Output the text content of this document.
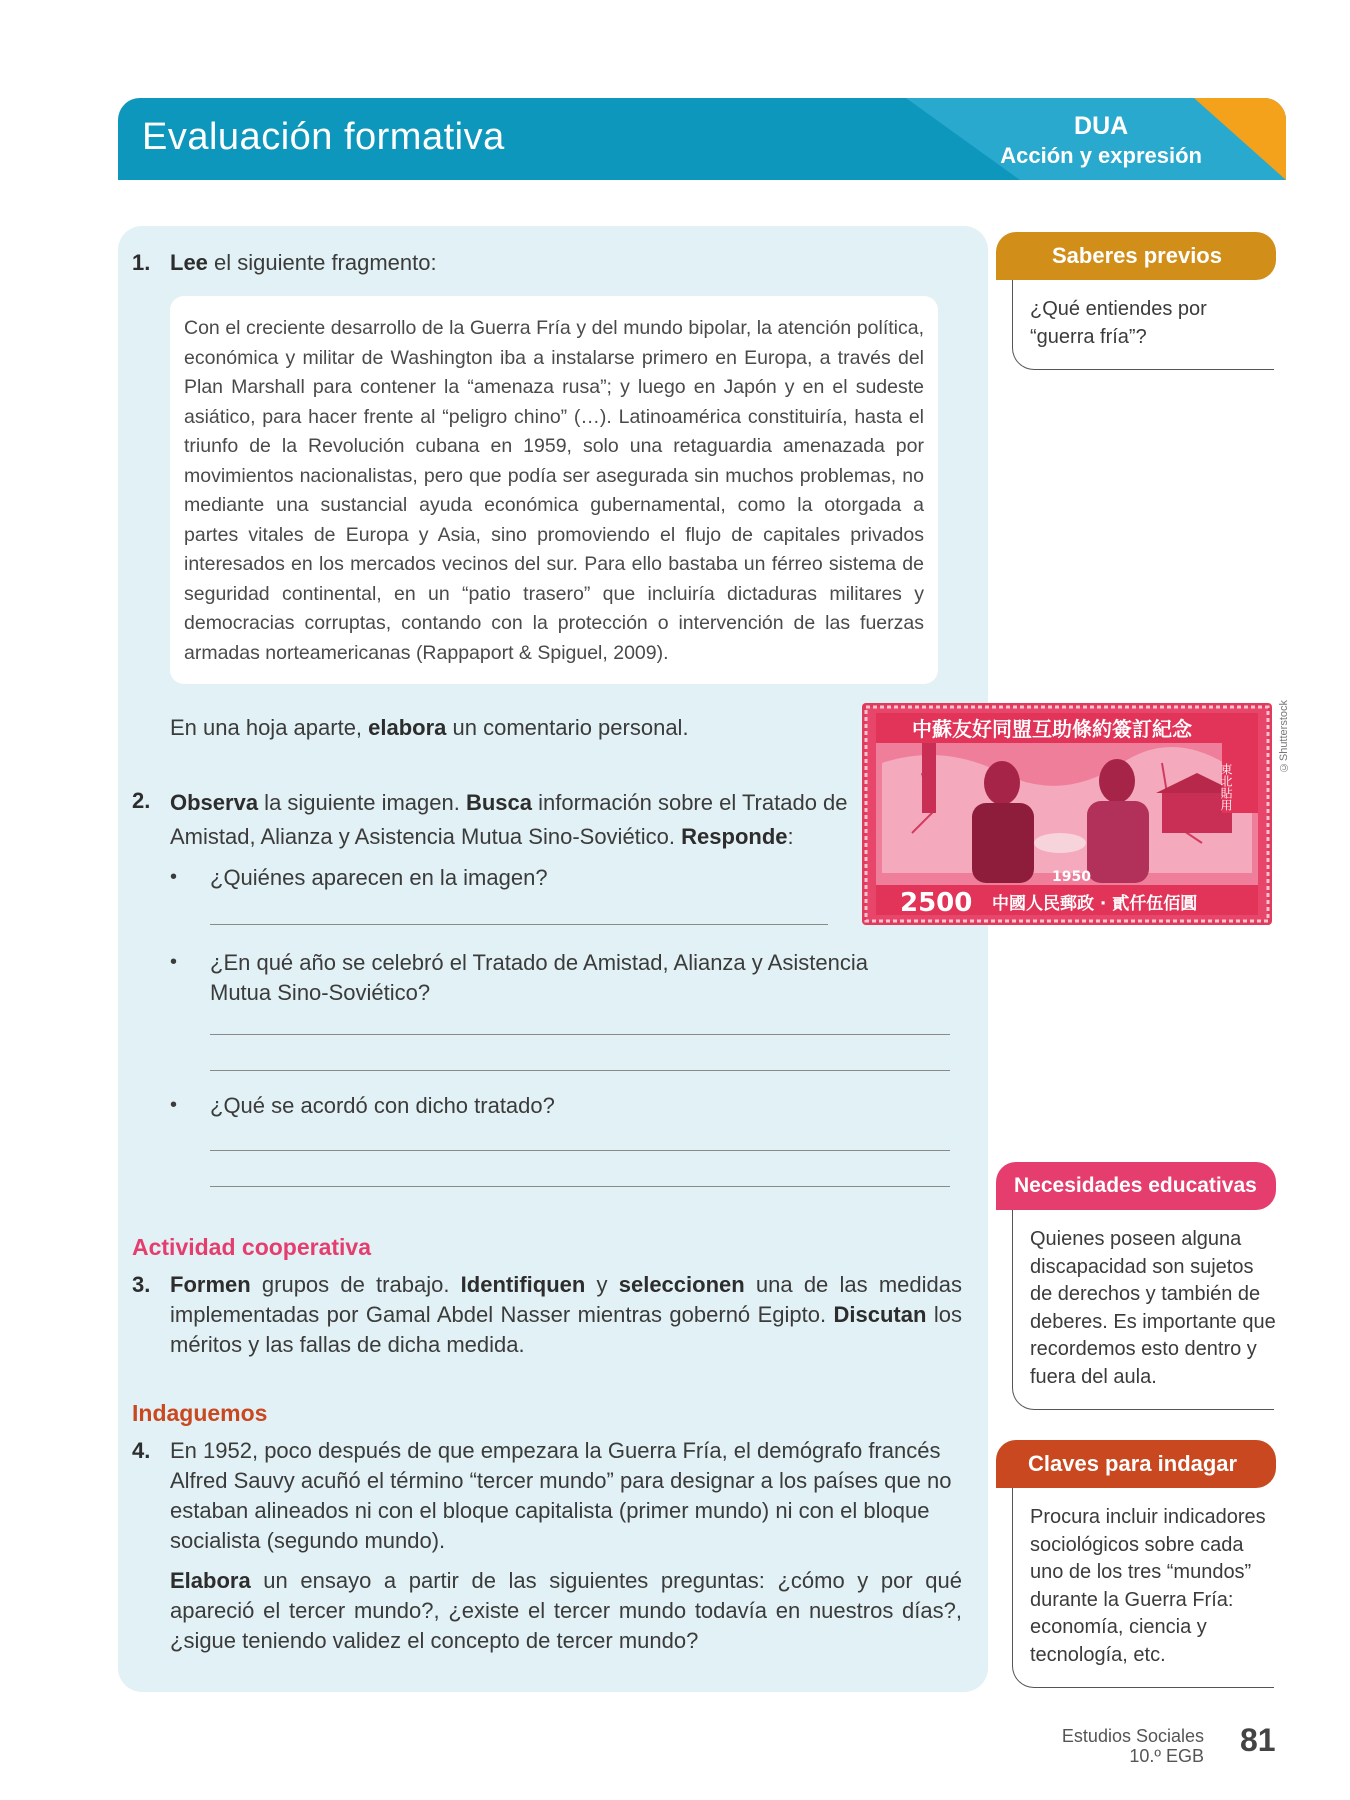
Evaluación formativa	DUA
Acción y expresión
1. Lee el siguiente fragmento:

Con el creciente desarrollo de la Guerra Fría y del mundo bipolar, la atención política, económica y militar de Washington iba a instalarse primero en Europa, a través del Plan Marshall para contener la “amenaza rusa”; y luego en Japón y en el sudeste asiático, para hacer frente al “peligro chino” (…). Latinoamérica constituiría, hasta el triunfo de la Revolución cubana en 1959, solo una retaguardia amenazada por movimientos nacionalistas, pero que podía ser asegurada sin muchos problemas, no mediante una sustancial ayuda económica gubernamental, como la otorgada a partes vitales de Europa y Asia, sino promoviendo el flujo de capitales privados interesados en los mercados vecinos del sur. Para ello bastaba un férreo sistema de seguridad continental, en un “patio trasero” que incluiría dictaduras militares y democracias corruptas, contando con la protección o intervención de las fuerzas armadas norteamericanas (Rappaport & Spiguel, 2009).

En una hoja aparte, elabora un comentario personal.
2. Observa la siguiente imagen. Busca información sobre el Tratado de Amistad, Alianza y Asistencia Mutua Sino-Soviético. Responde:
• ¿Quiénes aparecen en la imagen?
• ¿En qué año se celebró el Tratado de Amistad, Alianza y Asistencia Mutua Sino-Soviético?
• ¿Qué se acordó con dicho tratado?
中蘇友好同盟互助條約簽訂紀念
東北貼用
1950
2500 中國人民郵政 · 貳仟伍佰圓
©Shutterstock
Actividad cooperativa
3. Formen grupos de trabajo. Identifiquen y seleccionen una de las medidas implementadas por Gamal Abdel Nasser mientras gobernó Egipto. Discutan los méritos y las fallas de dicha medida.
Indaguemos
4. En 1952, poco después de que empezara la Guerra Fría, el demógrafo francés Alfred Sauvy acuñó el término “tercer mundo” para designar a los países que no estaban alineados ni con el bloque capitalista (primer mundo) ni con el bloque socialista (segundo mundo).
Elabora un ensayo a partir de las siguientes preguntas: ¿cómo y por qué apareció el tercer mundo?, ¿existe el tercer mundo todavía en nuestros días?, ¿sigue teniendo validez el concepto de tercer mundo?
Saberes previos
¿Qué entiendes por “guerra fría”?
Necesidades educativas
Quienes poseen alguna discapacidad son sujetos de derechos y también de deberes. Es importante que recordemos esto dentro y fuera del aula.
Claves para indagar
Procura incluir indicadores sociológicos sobre cada uno de los tres “mundos” durante la Guerra Fría: economía, ciencia y tecnología, etc.
Estudios Sociales
10.º EGB 81
